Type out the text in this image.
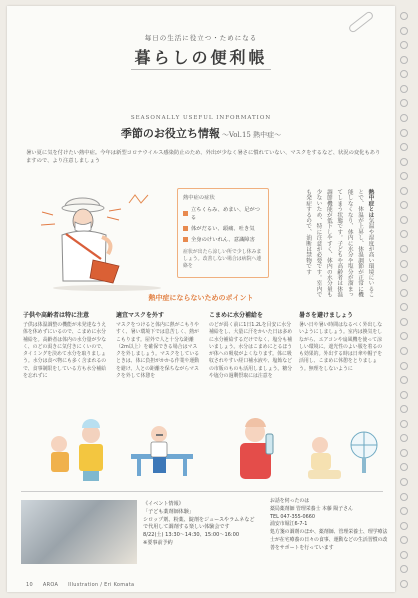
毎日の生活に役立つ・ためになる
暮らしの便利帳
SEASONALLY USEFUL INFORMATION
季節のお役立ち情報 〜Vol.15 熱中症〜
暑い夏に気を付けたい熱中症。今年は新型コロナウイルス感染防止のため、外出が少なく暑さに慣れていない、マスクをするなど、状況の変化もありますので、より注意しましょう
熱中症の症状
立ちくらみ、めまい、足がつる
体がだるい、頭痛、吐き気
全身のけいれん、意識障害
症状が出たら涼しい所で少し休みましょう。改善しない場合は病院へ連絡を
熱中症とは気温や湿度が高い環境にいることで、体温が上昇し、体温調節が正常に機能しなくなり、体内に水分や塩分が溜まってしまう状態です。子どもや高齢者は体温調節機能が低下しやすく、体内の水分量も少ないため、特に注意が必要です。室内でも発症するので、油断は禁物です
熱中症にならないためのポイント
子供や高齢者は特に注意
子供は体温調整の機能が未発達なうえ体を休めずにいるので、こまめに水分補給を。高齢者は体内の水分量が少なく、のどの渇きに気付きにくいので、タイミングを決めて水分を取りましょう。水分は食べ物にも多く含まれるので、食事制限をしている方も水分補給を忘れずに
適宜マスクを外す
マスクをつけると体内に熱がこもりやすく、暑い環境下では息苦しく、熱がこもります。屋外で人と十分な距離（2m以上）を確保できる場合はマスクを外しましょう。マスクをしているときは、体に負担がかかる作業や運動を避け、人との距離を保ちながらマスクを外して休憩を
こまめに水分補給を
のどが渇く前に1日1.2Lを目安に水分補給をし、大量に汗をかいた日は多めに水分補給するだけでなく、塩分も補いましょう。水分はこまめにとるほうが体への吸収がよくなります。体に吸収されやすい経口補水液や、塩飴などの市販のものも活用しましょう。糖分や塩分の過剰摂取には注意を
暑さを避けましょう
暑い日や暑い時間はなるべく外出しないようにしましょう。室内は換気をしながら、エアコンや扇風機を使って涼しい環境に。遮光性のよい服を着るのも効果的。外出する時は日傘や帽子を活用し、こまめに休憩をとりましょう。無理をしないように
《イベント情報》
「子ども薬剤師体験」
シロップ剤、粉薬、錠剤をジュースやラムネなどで代用して調剤する楽しい体験会です
8/22(土) 13:30〜14:30、15:00〜16:00
※要事前予約
お話を伺ったのは
薬局薬剤師 管理栄養士 本藤 陽子さん
TEL 047-355-0660
浦安市堀江6-7-1
処方箋の調剤のほか、薬剤師、管理栄養士、理学療法士が在宅療養の日々の食事、運動などの生活習慣の改善をサポートを行っています
10 AROA Illustration / Eri Komata
